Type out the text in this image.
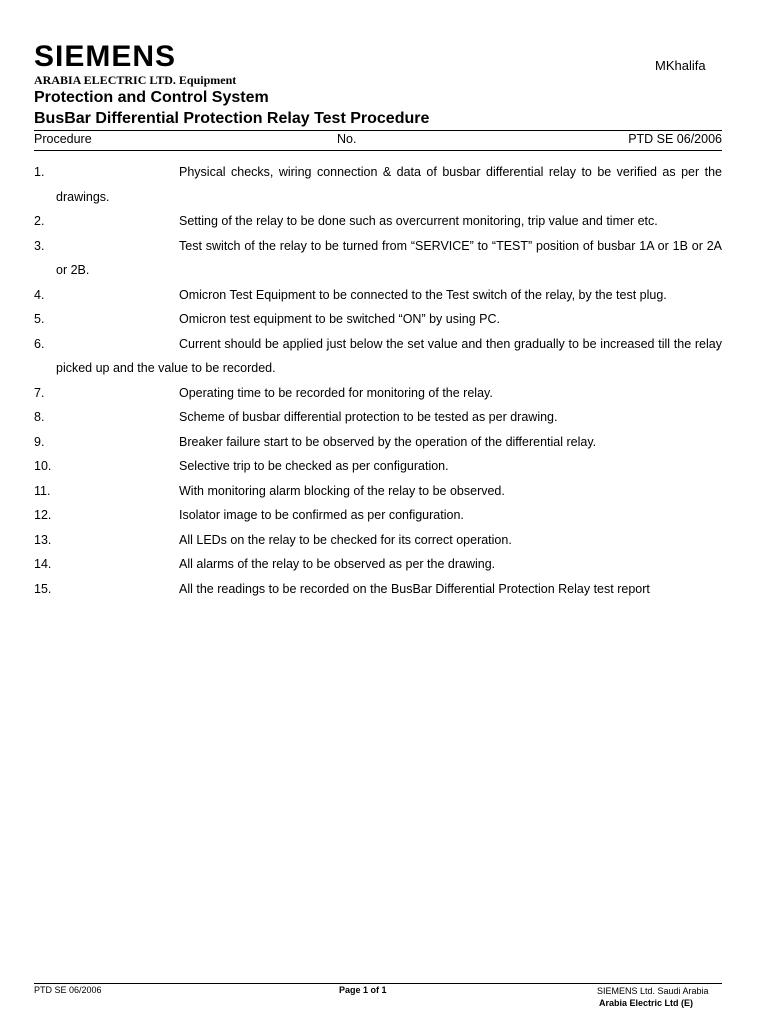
SIEMENS	MKhalifa
ARABIA ELECTRIC LTD. Equipment
Protection and Control System
BusBar Differential Protection Relay Test Procedure
Procedure	No.	PTD SE 06/2006
1.	Physical checks, wiring connection & data of busbar differential relay to be verified as per the drawings.
2.	Setting of the relay to be done such as overcurrent monitoring, trip value and timer etc.
3.	Test switch of the relay to be turned from “SERVICE” to “TEST” position of busbar 1A or 1B or 2A or 2B.
4.	Omicron Test Equipment to be connected to the Test switch of the relay, by the test plug.
5.	Omicron test equipment to be switched “ON” by using PC.
6.	Current should be applied just below the set value and then gradually to be increased till the relay picked up and the value to be recorded.
7.	Operating time to be recorded for monitoring of the relay.
8.	Scheme of busbar differential protection to be tested as per drawing.
9.	Breaker failure start to be observed by the operation of the differential relay.
10.	Selective trip to be checked as per configuration.
11.	With monitoring alarm blocking of the relay to be observed.
12.	Isolator image to be confirmed as per configuration.
13.	All LEDs on the relay to be checked for its correct operation.
14.	All alarms of the relay to be observed as per the drawing.
15.	All the readings to be recorded on the BusBar Differential Protection Relay test report
PTD SE 06/2006	Page 1 of 1	SIEMENS Ltd. Saudi Arabia
Arabia Electric Ltd (E)
